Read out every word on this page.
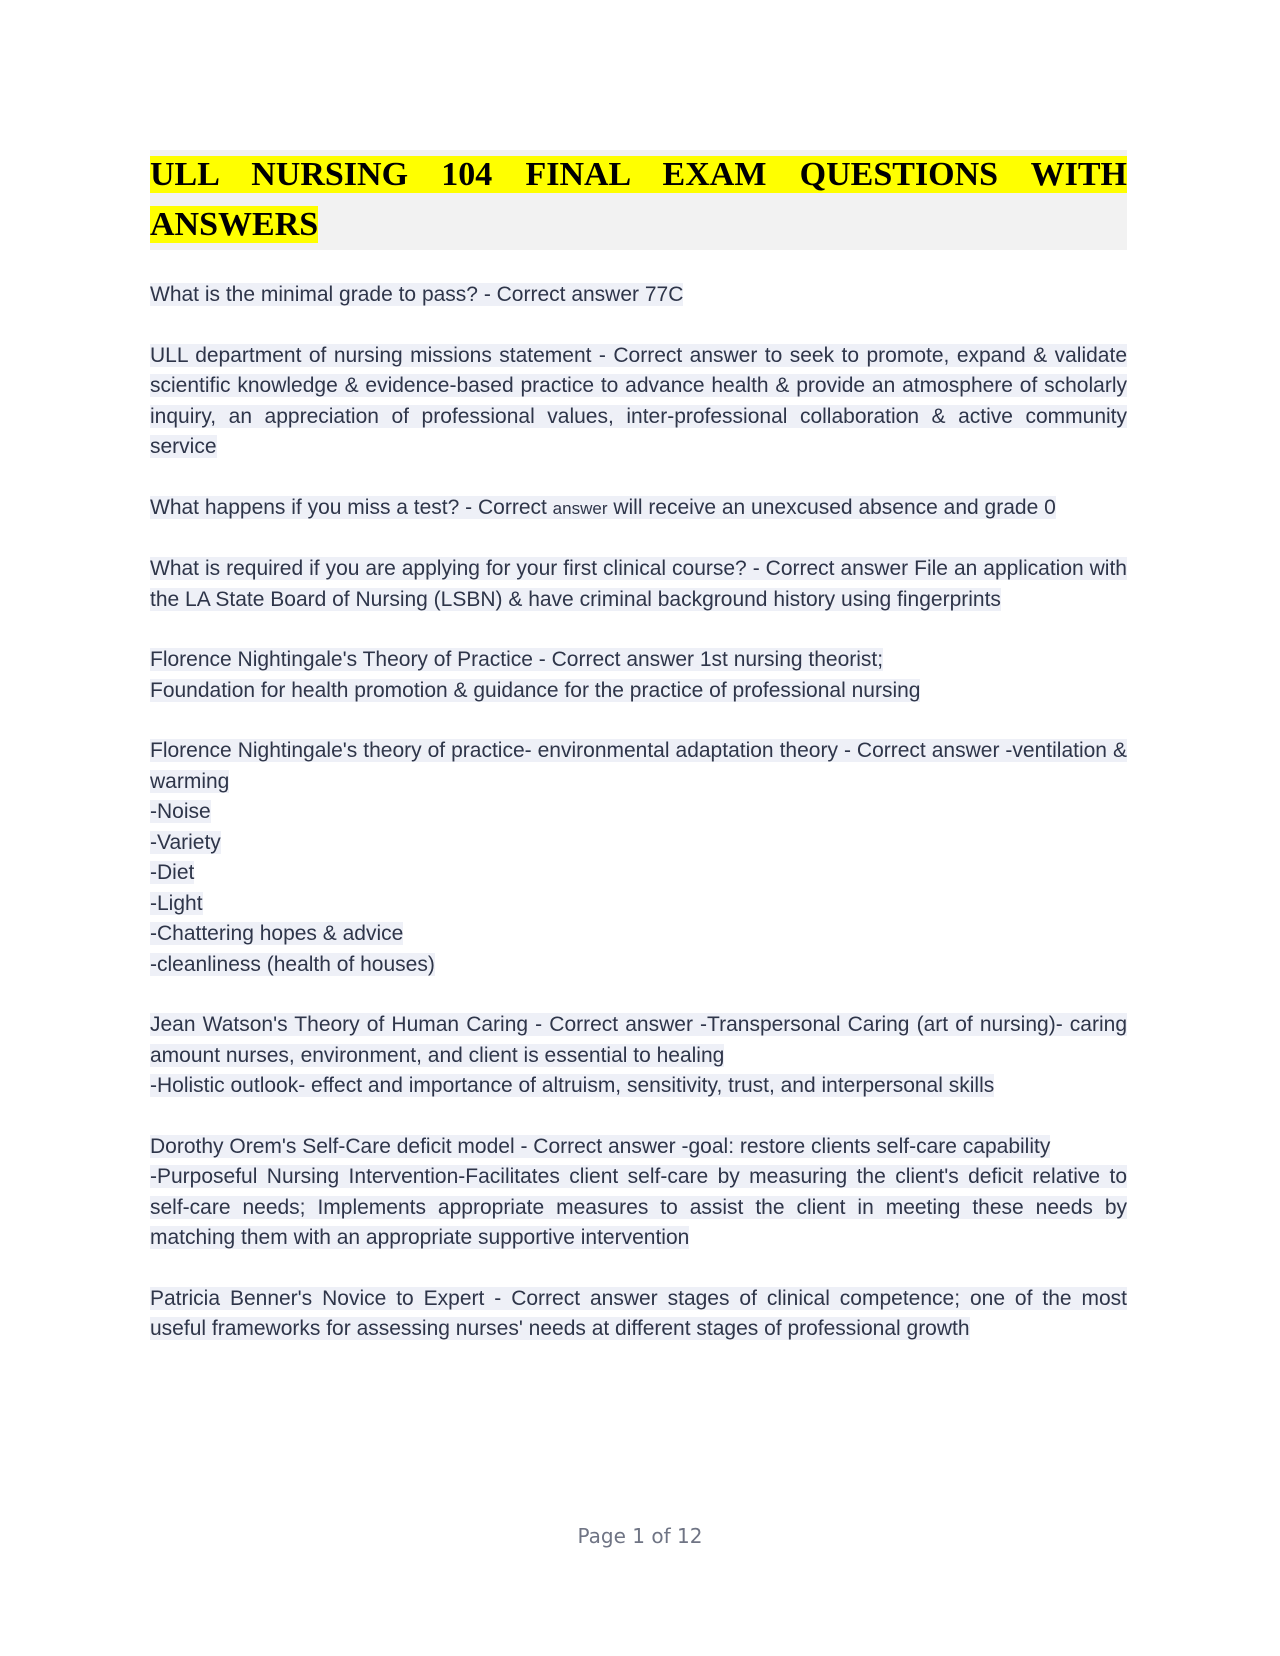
ULL NURSING 104 FINAL EXAM QUESTIONS WITH ANSWERS
What is the minimal grade to pass? - Correct answer 77C
ULL department of nursing missions statement - Correct answer to seek to promote, expand & validate scientific knowledge & evidence-based practice to advance health & provide an atmosphere of scholarly inquiry, an appreciation of professional values, inter-professional collaboration & active community service
What happens if you miss a test? - Correct answer will receive an unexcused absence and grade 0
What is required if you are applying for your first clinical course? - Correct answer File an application with the LA State Board of Nursing (LSBN) & have criminal background history using fingerprints
Florence Nightingale's Theory of Practice - Correct answer 1st nursing theorist;
Foundation for health promotion & guidance for the practice of professional nursing
Florence Nightingale's theory of practice- environmental adaptation theory - Correct answer -ventilation & warming
-Noise
-Variety
-Diet
-Light
-Chattering hopes & advice
-cleanliness (health of houses)
Jean Watson's Theory of Human Caring - Correct answer -Transpersonal Caring (art of nursing)- caring amount nurses, environment, and client is essential to healing
-Holistic outlook- effect and importance of altruism, sensitivity, trust, and interpersonal skills
Dorothy Orem's Self-Care deficit model - Correct answer -goal: restore clients self-care capability
-Purposeful Nursing Intervention-Facilitates client self-care by measuring the client's deficit relative to self-care needs; Implements appropriate measures to assist the client in meeting these needs by matching them with an appropriate supportive intervention
Patricia Benner's Novice to Expert - Correct answer stages of clinical competence; one of the most useful frameworks for assessing nurses' needs at different stages of professional growth
Page 1 of 12
